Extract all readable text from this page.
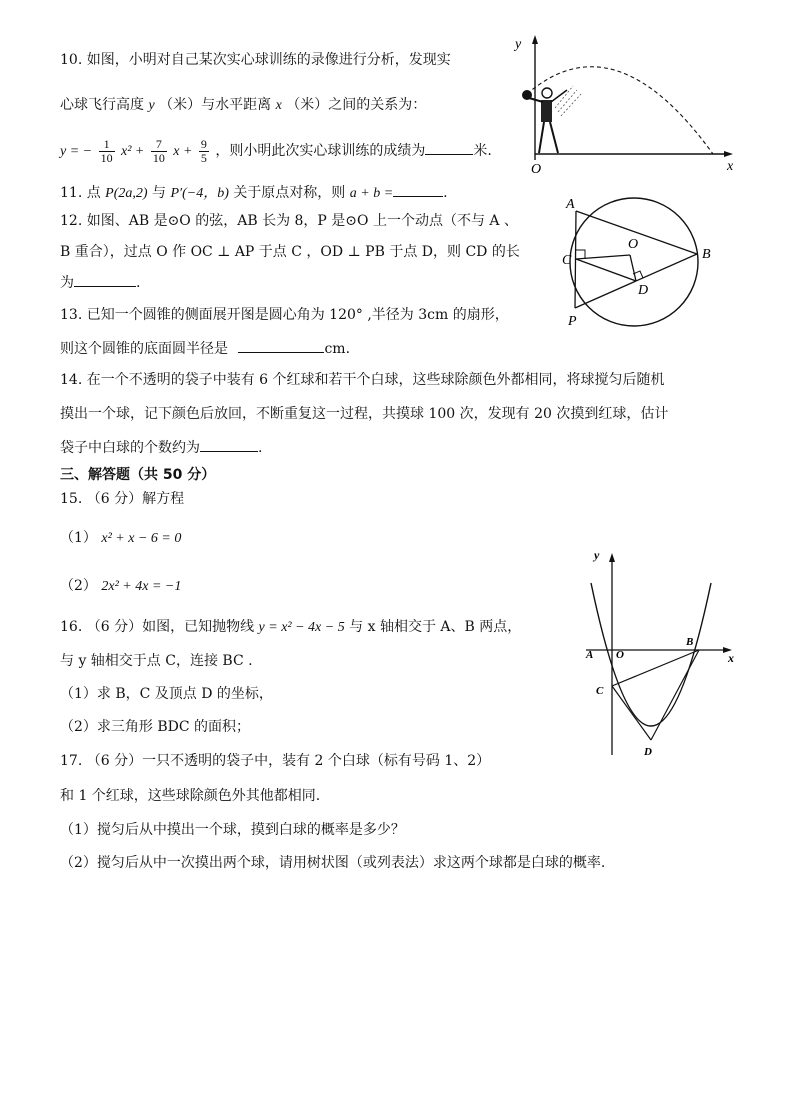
10. 如图，小明对自己某次实心球训练的录像进行分析，发现实
心球飞行高度 y （米）与水平距离 x （米）之间的关系为：
y = − $\frac{1}{10} x^2 + \frac{7}{10}$ $x + \frac{9}{5}$ ，则小明此次实心球训练的成绩为	米.
11. 点 P(2a,2) 与 P′(−4，b) 关于原点对称，则 a + b =	.
12. 如图、AB 是⊙O 的弦，AB 长为 8，P 是⊙O 上一个动点（不与 A 、
B 重合），过点 O 作 OC ⊥ AP 于点 C ，OD ⊥ PB 于点 D，则 CD 的长
为	.
13. 已知一个圆锥的侧面展开图是圆心角为 120° ,半径为 3cm 的扇形，
则这个圆锥的底面圆半径是	cm.
14. 在一个不透明的袋子中装有 6 个红球和若干个白球，这些球除颜色外都相同，将球搅匀后随机
摸出一个球，记下颜色后放回，不断重复这一过程，共摸球 100 次，发现有 20 次摸到红球，估计
袋子中白球的个数约为	.
三、解答题（共 50 分）
15. （6 分）解方程
（1） x² + x − 6 = 0
（2） 2x² + 4x = −1
16. （6 分）如图，已知抛物线 y = x² − 4x − 5 与 x 轴相交于 A、B 两点，
与 y 轴相交于点 C，连接 BC .
（1）求 B，C 及顶点 D 的坐标，
（2）求三角形 BDC 的面积；
17. （6 分）一只不透明的袋子中，装有 2 个白球（标有号码 1、2）
和 1 个红球，这些球除颜色外其他都相同.
（1）搅匀后从中摸出一个球，摸到白球的概率是多少？
（2）搅匀后从中一次摸出两个球，请用树状图（或列表法）求这两个球都是白球的概率.
y
x
O
A
B
C
D
O
P
y
x
A O
B
C
D
